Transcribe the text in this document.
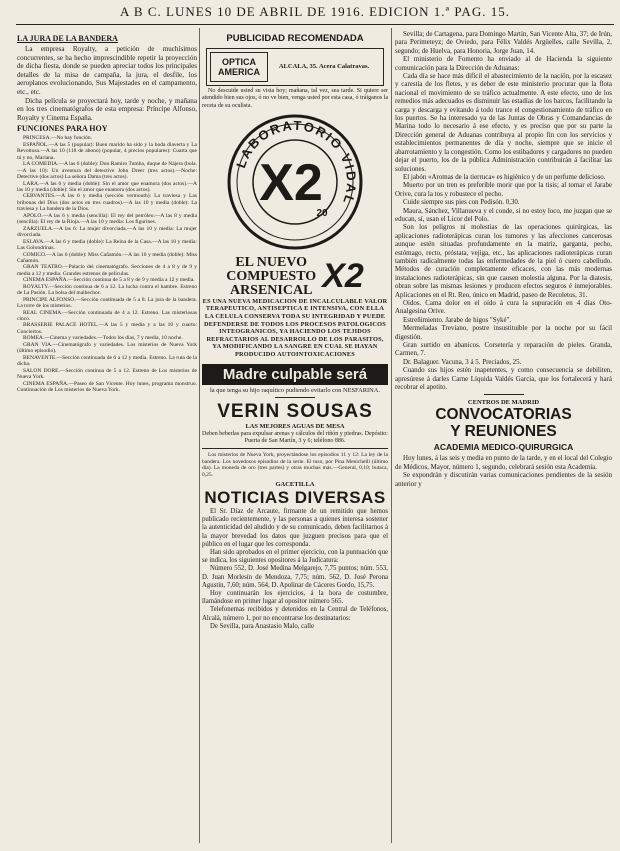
A B C. LUNES 10 DE ABRIL DE 1916. EDICION 1.ª PAG. 15.
LA JURA DE LA BANDERA

La empresa Royalty, a petición de muchísimos concurrentes, se ha hecho imprescindible repetir la proyección de dicha fiesta, donde se pueden apreciar todos los principales detalles de la misa de campaña, la jura, el desfile, los aeroplanos evolucionando, Sus Majestades en el campamento, etc., etc.

Dicha película se proyectará hoy, tarde y noche, y mañana en los tres cinematógrafos de esta empresa: Príncipe Alfonso, Royalty y Cinema España.

FUNCIONES PARA HOY

PRINCESA.—No hay función.

ESPAÑOL.—A las 5 (popular): Buen marido ha sido y la boda diaverta y La Revoltosa.—A las 10 (118 de abono) (popular, 4 precios populares): Cuarta que tú y no, Mariana.

LA COMEDIA.—A las 6 (doble): Don Ramiro Tumba, duque de Nájera (bola.—A las 10): Un aventura del detective John Dreer (tres actos).—Noche: Detective (dos actos) La señora Dama (tres actos).

LARA.—A las 6 y media (doble): Sin el amor que enamora (dos actos).—A las 10 y media (doble): Sin el amor que enamora (dos actos).

CERVANTES.—A las 6 y media (sección vermouth): La traviesa y Las bribonas del Dios (dos actos en tres cuadros).—A las 10 y media (doble): La traviesa y La bandera de la Dios.

APOLO.—A las 6 y media (sencilla): El rey del petróleo.—A las 8 y media (sencilla): El rey de la Rioja.—A las 10 y media: Los figurines.

ZARZUELA.—A las 6: La mujer divorciada.—A las 10 y media: La mujer divorciada.

ESLAVA.—A las 6 y media (doble): La Reina de la Casa.—A las 10 y media: Las Golondrinas.

COMICO.—A las 6 (doble): Miss Cañamón.—A las 10 y media (doble): Miss Cañamón.

GRAN TEATRO.—Palacio del cinematógrafo. Secciones de 4 a 8 y de 9 y media a 12 y media. Grandes estrenos de películas.

CINEMA ESPAÑA.—Sección continua de 5 a 8 y de 9 y media a 12 y media.

ROYALTY.—Sección continua de 6 a 12. La lucha contra el hambre. Estreno de La Pasión. La bolsa del malhechor.

PRINCIPE ALFONSO.—Sección continuada de 5 a 8. La jura de la bandera. La torre de los misterios.

REAL CINEMA.—Sección continuada de 4 a 12. Estreno. Las misteriosas cinco.

BRASSERIE PALACE HOTEL.—A las 5 y media y a las 10 y cuarto: Conciertos.

ROMEA.—Cinema y variedades.—Todos los días, 7 y media, 10 noche.

GRAN VIA.—Cinematógrafo y variedades. Los misterios de Nueva York (último episodio).

BENAVENTE.—Sección continuada de 6 a 12 y media. Estreno. La ruta de la dicha.

SALON DORE.—Sección continua de 5 a 12. Estreno de Los misterios de Nueva York.

CINEMA ESPAÑA.—Paseo de San Vicente. Hoy lunes, programa monstruo. Continuación de Los misterios de Nueva York.

PUBLICIDAD RECOMENDADA
OPTICA
AMERICA
ALCALA, 35. Acera Calatravas.

No descuide usted su vista hoy; mañana, tal vez, sea tarde. Si quiere ser atendido bien sus ojos, ó no ve bien, venga usted por esta casa, ó tráiganos la receta de su oculista.

LABORATORIO VIDAL
X2
20
EL NUEVO
COMPUESTO
ARSENICAL X2
ES UNA NUEVA MEDICACION DE INCALCULABLE VALOR TERAPEUTICO, ANTISEPTICA E INTENSIVA, CON ELLA LA CELULA CONSERVA TODA SU INTEGRIDAD Y PUEDE DEFENDERSE DE TODOS LOS PROCESOS PATOLOGICOS INTEOGRANICOS, YA HACIENDO LOS TEJIDOS REFRACTARIOS AL DESARROLLO DE LOS PARASITOS, YA MODIFICANDO LA SANGRE EN CUAL SE HAYAN PRODUCIDO AUTOINTOXICACIONES
Madre culpable será
la que tenga su hijo raquítico pudiendo evitarlo con NESFARINA.
VERIN SOUSAS
LAS MEJORES AGUAS DE MESA

Deben beberlas para expulsar arenas y cálculos del riñón y piedras. Depósito: Puerta de San Martín, 3 y 6; teléfono 886.

Los misterios de Nueva York, proyectándose los episodios 11 y 12: La ley de la bandera. Los novedosos episodios de la serie. El tuso, por Pina Menichelli (último día). La moneda de oro (tres partes) y otras muchas más.—General, 0,10; butaca, 0,25.

GACETILLA
NOTICIAS DIVERSAS

El Sr. Díaz de Arcaute, firmante de un remitido que hemos publicado recientemente, y las personas a quienes interesa sostener la autenticidad del aludido y de su comunicado, deben facilitarnos á la mayor brevedad los datos que juzguen precisos para que el público en el lugar que les corresponda.

Han sido aprobados en el primer ejercicio, con la puntuación que se indica, los siguientes opositores á la Judicatura:

Número 552, D. José Medina Melgarejo, 7,75 puntos; núm. 553, D. Juan Morlesín de Mendoza, 7,75; núm. 562, D. José Perona Agustín, 7,60; núm. 564, D. Apolinar de Cáceres Gordo, 15,75.

Hoy continuarán los ejercicios, á la hora de costumbre, llamándose en primer lugar al opositor número 565.

Telefonemas recibidos y detenidos en la Central de Teléfonos, Alcalá, número 1, por no encontrarse los destinatarios:

De Sevilla, para Anastasio Malo, calle

Sevilla; de Cartagena, para Domingo Martín, San Vicente Alta, 37; de Irún, para Perimeteyz; de Oviedo, para Félix Valdés Argüelles, calle Sevilla, 2, segundo; de Huelva, para Honoria, Jorge Juan, 14.

El ministerio de Fomento ha enviado al de Hacienda la siguiente comunicación para la Dirección de Aduanas:

Cada día se hace más difícil el abastecimiento de la nación, por la escasez y carestía de los fletes, y es deber de este ministerio procurar que la flota nacional el movimiento de su tráfico actualmente. A este efecto, uno de los remedios más adecuados es disminuir las estadías de los barcos, facilitando la carga y descarga y evitando á todo trance el congestionamiento de tráfico en los puertos. Se ha interesado ya de las Juntas de Obras y Comandancias de Marina todo lo necesario á ese efecto, y es preciso que por su parte la Dirección general de Aduanas contribuya al propio fin con los servicios y establecimientos permanentes de día y noche, siempre que se inicie el abarrotamiento y la congestión. Como los estibadores y cargadores no pueden dejar el puerto, los de la pública Administración contribuirán á facilitar las soluciones.

El jabón «Aromas de la tierruca» es higiénico y de un perfume delicioso.

Muerto por un tren es preferible morir que por la tisis; al tomar el Jarabe Orive, cura la tos y robustece el pecho.

Cuide siempre sus pies con Pedisón. 0,30.

Maura, Sánchez, Villanueva y el conde, si no estoy loco, me juzgan que se educan, sí, usan el Licor del Polo.

Son los peligros ni molestias de las operaciones quirúrgicas, las aplicaciones radioterápicas curan los tumores y las afecciones cancerosas aunque estén situadas profundamente en la matriz, garganta, pecho, estómago, recto, próstata, vejiga, etc., las aplicaciones radioterápicas curan también radicalmente todas las enfermedades de la piel ó cuero cabelludo. Métodos de curación completamente eficaces, con las más modernas instalaciones radioterápicas, sin que causen molestia alguna. Por la diatesis, obran sobre las mismas lesiones y producen efectos seguros é inmejorables. Aplicaciones en el Rt. Reo, único en Madrid, paseo de Recoletos, 31.

Oídos. Cama dolor en el oído á cura la supuración en 4 días Oto-Analgesina Orive.

Estreñimiento. Jarabe de higos "Syké".

Mermeladas Treviano, postre insustituible por la noche por su fácil digestión.

Gran surtido en abanicos. Corsetería y reparación de pieles. Granda, Carmen, 7.

Dr. Balaguer. Vacuna, 3 á 5. Preciados, 25.

Cuando sus hijos estén inapetentes, y como consecuencia se debiliten, apresúrese á darles Carne Líquida Valdés García, que los fortalecerá y hará recobrar el apetito.

CENTROS DE MADRID
CONVOCATORIAS
Y REUNIONES
ACADEMIA MEDICO-QUIRURGICA

Hoy lunes, á las seis y media en punto de la tarde, y en el local del Colegio de Médicos, Mayor, número 1, segundo, celebrará sesión esta Academia.

Se expondrán y discutirán varias comunicaciones pendientes de la sesión anterior y
